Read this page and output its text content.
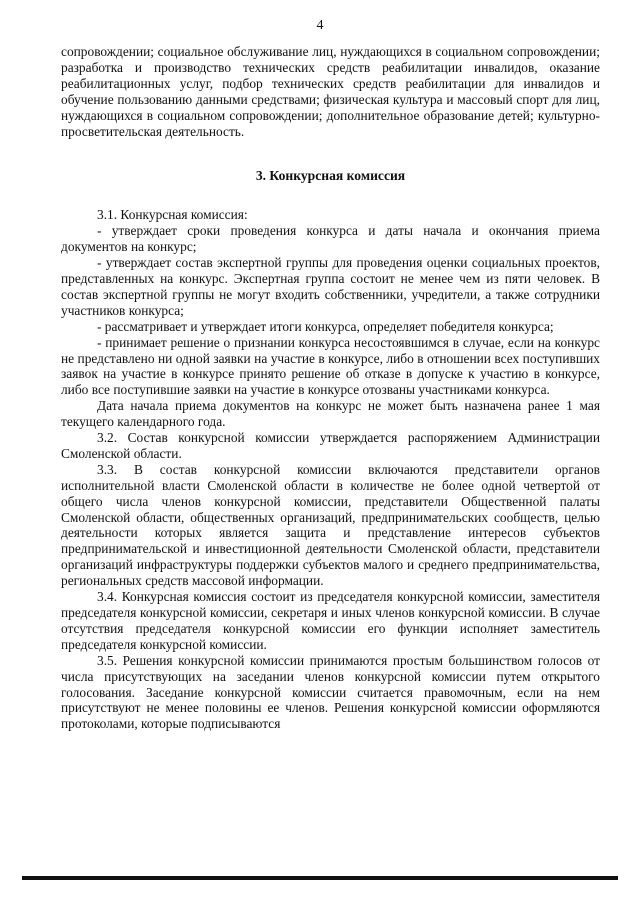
4

сопровождении; социальное обслуживание лиц, нуждающихся в социальном сопровождении; разработка и производство технических средств реабилитации инвалидов, оказание реабилитационных услуг, подбор технических средств реабилитации для инвалидов и обучение пользованию данными средствами; физическая культура и массовый спорт для лиц, нуждающихся в социальном сопровождении; дополнительное образование детей; культурно-просветительская деятельность.

3. Конкурсная комиссия

3.1. Конкурсная комиссия:

- утверждает сроки проведения конкурса и даты начала и окончания приема документов на конкурс;

- утверждает состав экспертной группы для проведения оценки социальных проектов, представленных на конкурс. Экспертная группа состоит не менее чем из пяти человек. В состав экспертной группы не могут входить собственники, учредители, а также сотрудники участников конкурса;

- рассматривает и утверждает итоги конкурса, определяет победителя конкурса;

- принимает решение о признании конкурса несостоявшимся в случае, если на конкурс не представлено ни одной заявки на участие в конкурсе, либо в отношении всех поступивших заявок на участие в конкурсе принято решение об отказе в допуске к участию в конкурсе, либо все поступившие заявки на участие в конкурсе отозваны участниками конкурса.

Дата начала приема документов на конкурс не может быть назначена ранее 1 мая текущего календарного года.

3.2. Состав конкурсной комиссии утверждается распоряжением Администрации Смоленской области.

3.3. В состав конкурсной комиссии включаются представители органов исполнительной власти Смоленской области в количестве не более одной четвертой от общего числа членов конкурсной комиссии, представители Общественной палаты Смоленской области, общественных организаций, предпринимательских сообществ, целью деятельности которых является защита и представление интересов субъектов предпринимательской и инвестиционной деятельности Смоленской области, представители организаций инфраструктуры поддержки субъектов малого и среднего предпринимательства, региональных средств массовой информации.

3.4. Конкурсная комиссия состоит из председателя конкурсной комиссии, заместителя председателя конкурсной комиссии, секретаря и иных членов конкурсной комиссии. В случае отсутствия председателя конкурсной комиссии его функции исполняет заместитель председателя конкурсной комиссии.

3.5. Решения конкурсной комиссии принимаются простым большинством голосов от числа присутствующих на заседании членов конкурсной комиссии путем открытого голосования. Заседание конкурсной комиссии считается правомочным, если на нем присутствуют не менее половины ее членов. Решения конкурсной комиссии оформляются протоколами, которые подписываются
